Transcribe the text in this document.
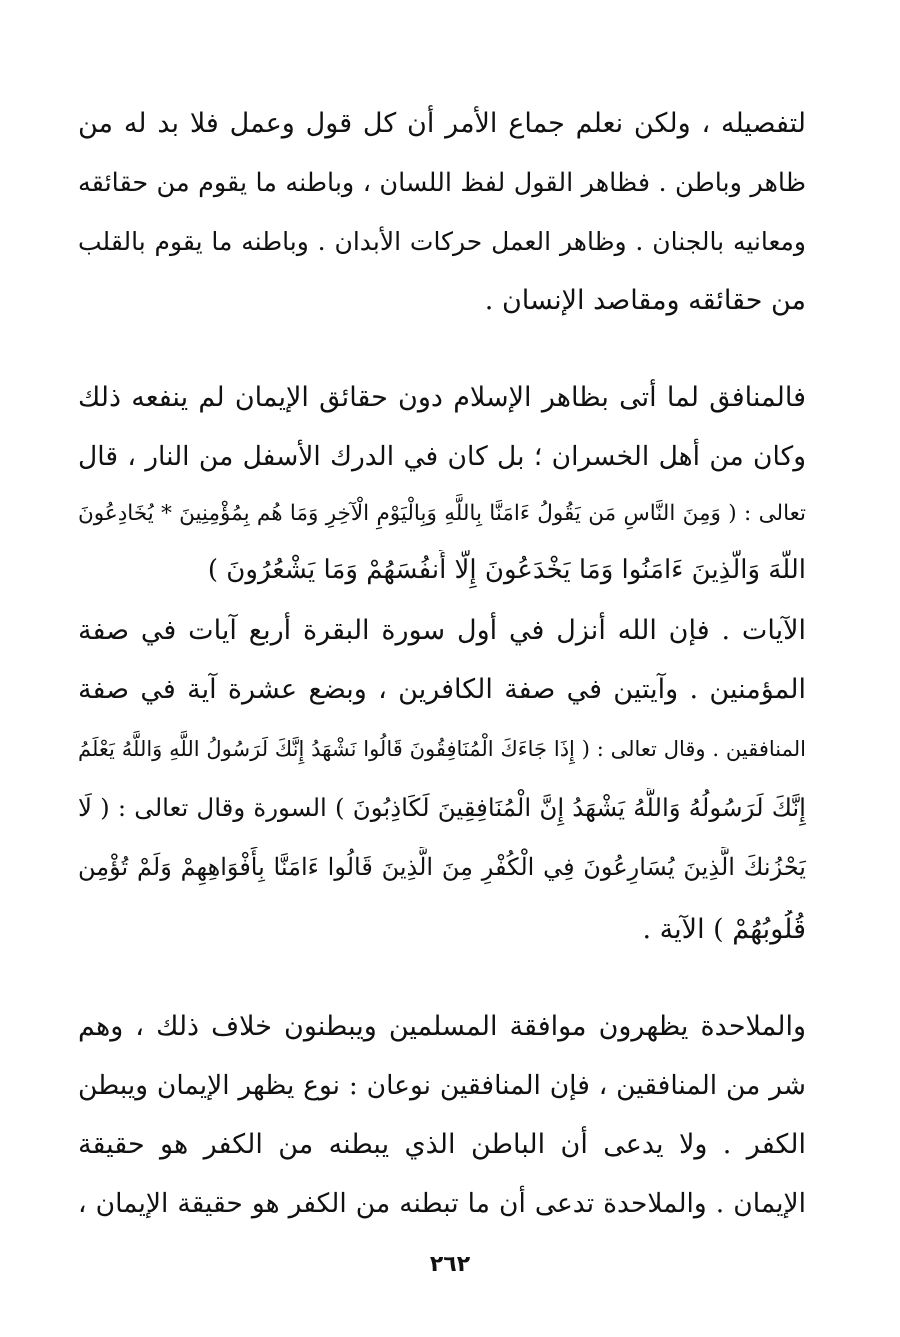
لتفصيله ، ولكن نعلم جماع الأمر أن كل قول وعمل فلا بد له من
ظاهر وباطن . فظاهر القول لفظ اللسان ، وباطنه ما يقوم من حقائقه
ومعانيه بالجنان . وظاهر العمل حركات الأبدان . وباطنه ما يقوم بالقلب
من حقائقه ومقاصد الإنسان .
فالمنافق لما أتى بظاهر الإسلام دون حقائق الإيمان لم ينفعه ذلك
وكان من أهل الخسران ؛ بل كان في الدرك الأسفل من النار ، قال
تعالى : ( وَمِنَ النَّاسِ مَن يَقُولُ ءَامَنَّا بِاللَّهِ وَبِالْيَوْمِ الْآخِرِ وَمَا هُم بِمُؤْمِنِينَ * يُخَادِعُونَ
اللَّهَ وَالَّذِينَ ءَامَنُوا وَمَا يَخْدَعُونَ إِلَّا أَنفُسَهُمْ وَمَا يَشْعُرُونَ )
الآيات . فإن الله أنزل في أول سورة البقرة أربع آيات في صفة
المؤمنين . وآيتين في صفة الكافرين ، وبضع عشرة آية في صفة
المنافقين . وقال تعالى : ( إِذَا جَاءَكَ الْمُنَافِقُونَ قَالُوا نَشْهَدُ إِنَّكَ لَرَسُولُ اللَّهِ وَاللَّهُ يَعْلَمُ
إِنَّكَ لَرَسُولُهُ وَاللَّهُ يَشْهَدُ إِنَّ الْمُنَافِقِينَ لَكَاذِبُونَ ) السورة وقال تعالى : ( لَا
يَحْزُنكَ الَّذِينَ يُسَارِعُونَ فِي الْكُفْرِ مِنَ الَّذِينَ قَالُوا ءَامَنَّا بِأَفْوَاهِهِمْ وَلَمْ تُؤْمِن
قُلُوبُهُمْ ) الآية .
والملاحدة يظهرون موافقة المسلمين ويبطنون خلاف ذلك ، وهم
شر من المنافقين ، فإن المنافقين نوعان : نوع يظهر الإيمان ويبطن
الكفر . ولا يدعى أن الباطن الذي يبطنه من الكفر هو حقيقة
الإيمان . والملاحدة تدعى أن ما تبطنه من الكفر هو حقيقة الإيمان ،
٢٦٢
